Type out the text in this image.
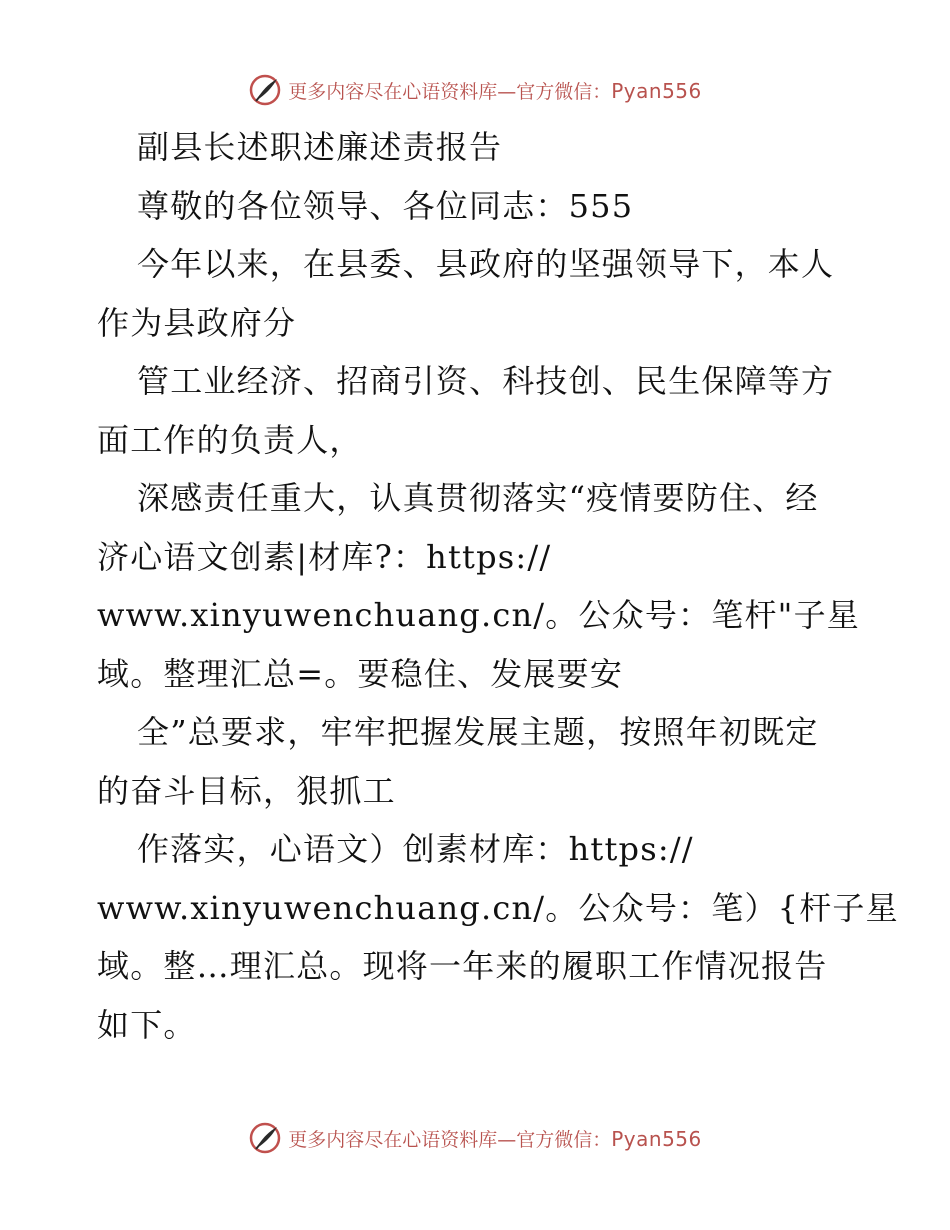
更多内容尽在心语资料库—官方微信：Pyan556

副县长述职述廉述责报告

尊敬的各位领导、各位同志：555

今年以来，在县委、县政府的坚强领导下，本人

作为县政府分

管工业经济、招商引资、科技创、民生保障等方

面工作的负责人，

深感责任重大，认真贯彻落实“疫情要防住、经

济心语文创素|材库?：https://

www.xinyuwenchuang.cn/。公众号：笔杆"子星

域。整理汇总=。要稳住、发展要安

全”总要求，牢牢把握发展主题，按照年初既定

的奋斗目标，狠抓工

作落实，心语文）创素材库：https://

www.xinyuwenchuang.cn/。公众号：笔）{杆子星

域。整…理汇总。现将一年来的履职工作情况报告

如下。

更多内容尽在心语资料库—官方微信：Pyan556
